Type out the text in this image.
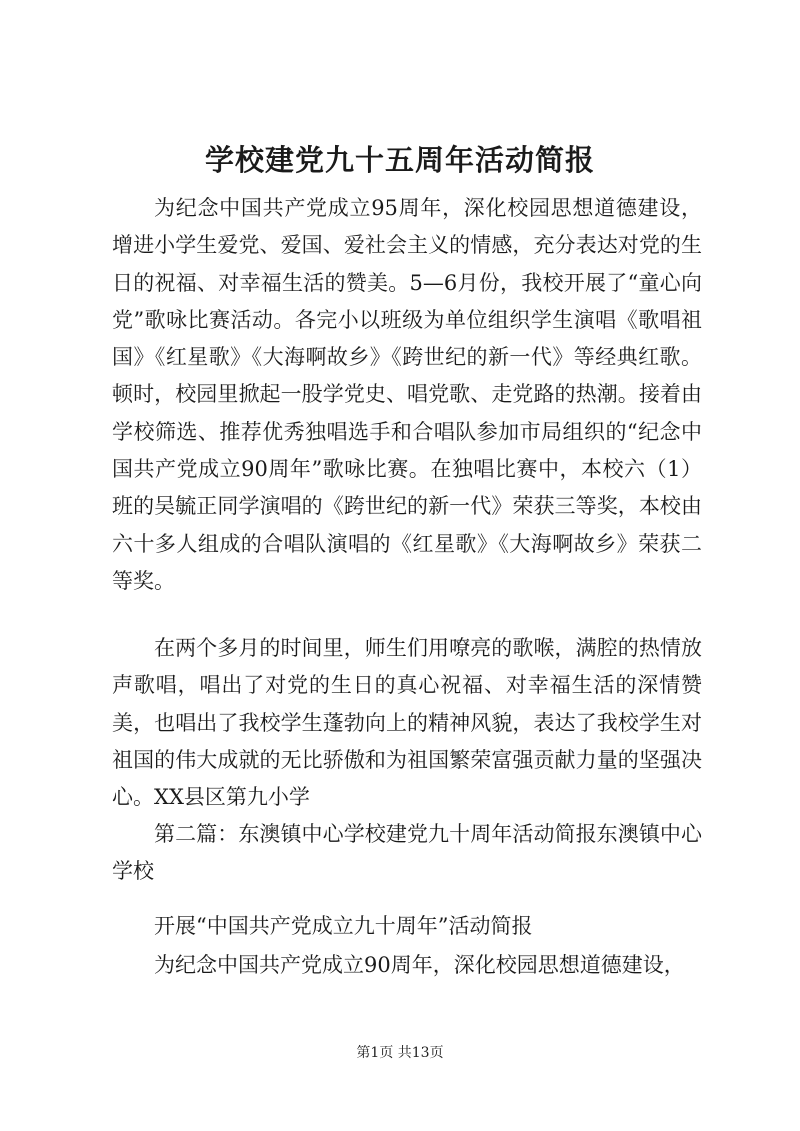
学校建党九十五周年活动简报

为纪念中国共产党成立95周年，深化校园思想道德建设，增进小学生爱党、爱国、爱社会主义的情感，充分表达对党的生日的祝福、对幸福生活的赞美。5—6月份，我校开展了“童心向党”歌咏比赛活动。各完小以班级为单位组织学生演唱《歌唱祖国》《红星歌》《大海啊故乡》《跨世纪的新一代》等经典红歌。顿时，校园里掀起一股学党史、唱党歌、走党路的热潮。接着由学校筛选、推荐优秀独唱选手和合唱队参加市局组织的“纪念中国共产党成立90周年”歌咏比赛。在独唱比赛中，本校六（1）班的吴毓正同学演唱的《跨世纪的新一代》荣获三等奖，本校由六十多人组成的合唱队演唱的《红星歌》《大海啊故乡》荣获二等奖。

在两个多月的时间里，师生们用嘹亮的歌喉，满腔的热情放声歌唱，唱出了对党的生日的真心祝福、对幸福生活的深情赞美，也唱出了我校学生蓬勃向上的精神风貌，表达了我校学生对祖国的伟大成就的无比骄傲和为祖国繁荣富强贡献力量的坚强决心。 XX县区第九小学

第二篇：东澳镇中心学校建党九十周年活动简报东澳镇中心学校

开展“中国共产党成立九十周年”活动简报

为纪念中国共产党成立90周年，深化校园思想道德建设，

第1页 共13页
